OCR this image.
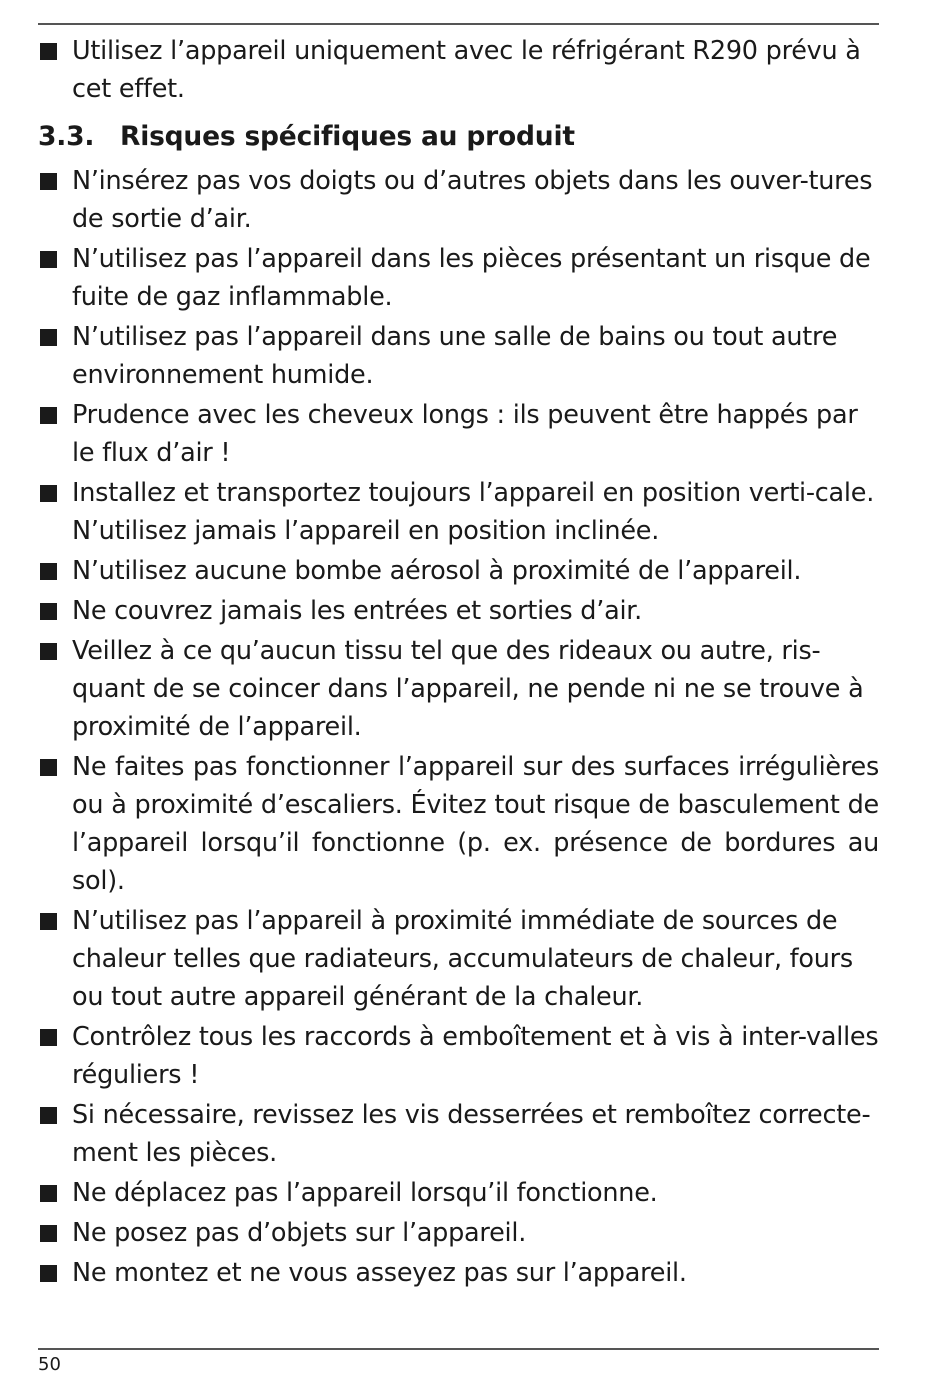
Utilisez l’appareil uniquement avec le réfrigérant R290 prévu à cet effet.
3.3. Risques spécifiques au produit
N’insérez pas vos doigts ou d’autres objets dans les ouver-tures de sortie d’air.
N’utilisez pas l’appareil dans les pièces présentant un risque de fuite de gaz inflammable.
N’utilisez pas l’appareil dans une salle de bains ou tout autre environnement humide.
Prudence avec les cheveux longs : ils peuvent être happés par le flux d’air !
Installez et transportez toujours l’appareil en position verti-cale. N’utilisez jamais l’appareil en position inclinée.
N’utilisez aucune bombe aérosol à proximité de l’appareil.
Ne couvrez jamais les entrées et sorties d’air.
Veillez à ce qu’aucun tissu tel que des rideaux ou autre, ris-quant de se coincer dans l’appareil, ne pende ni ne se trouve à proximité de l’appareil.
Ne faites pas fonctionner l’appareil sur des surfaces irrégulières ou à proximité d’escaliers. Évitez tout risque de basculement de l’appareil lorsqu’il fonctionne (p. ex. présence de bordures au sol).
N’utilisez pas l’appareil à proximité immédiate de sources de chaleur telles que radiateurs, accumulateurs de chaleur, fours ou tout autre appareil générant de la chaleur.
Contrôlez tous les raccords à emboîtement et à vis à inter-valles réguliers !
Si nécessaire, revissez les vis desserrées et remboîtez correcte-ment les pièces.
Ne déplacez pas l’appareil lorsqu’il fonctionne.
Ne posez pas d’objets sur l’appareil.
Ne montez et ne vous asseyez pas sur l’appareil.
50
